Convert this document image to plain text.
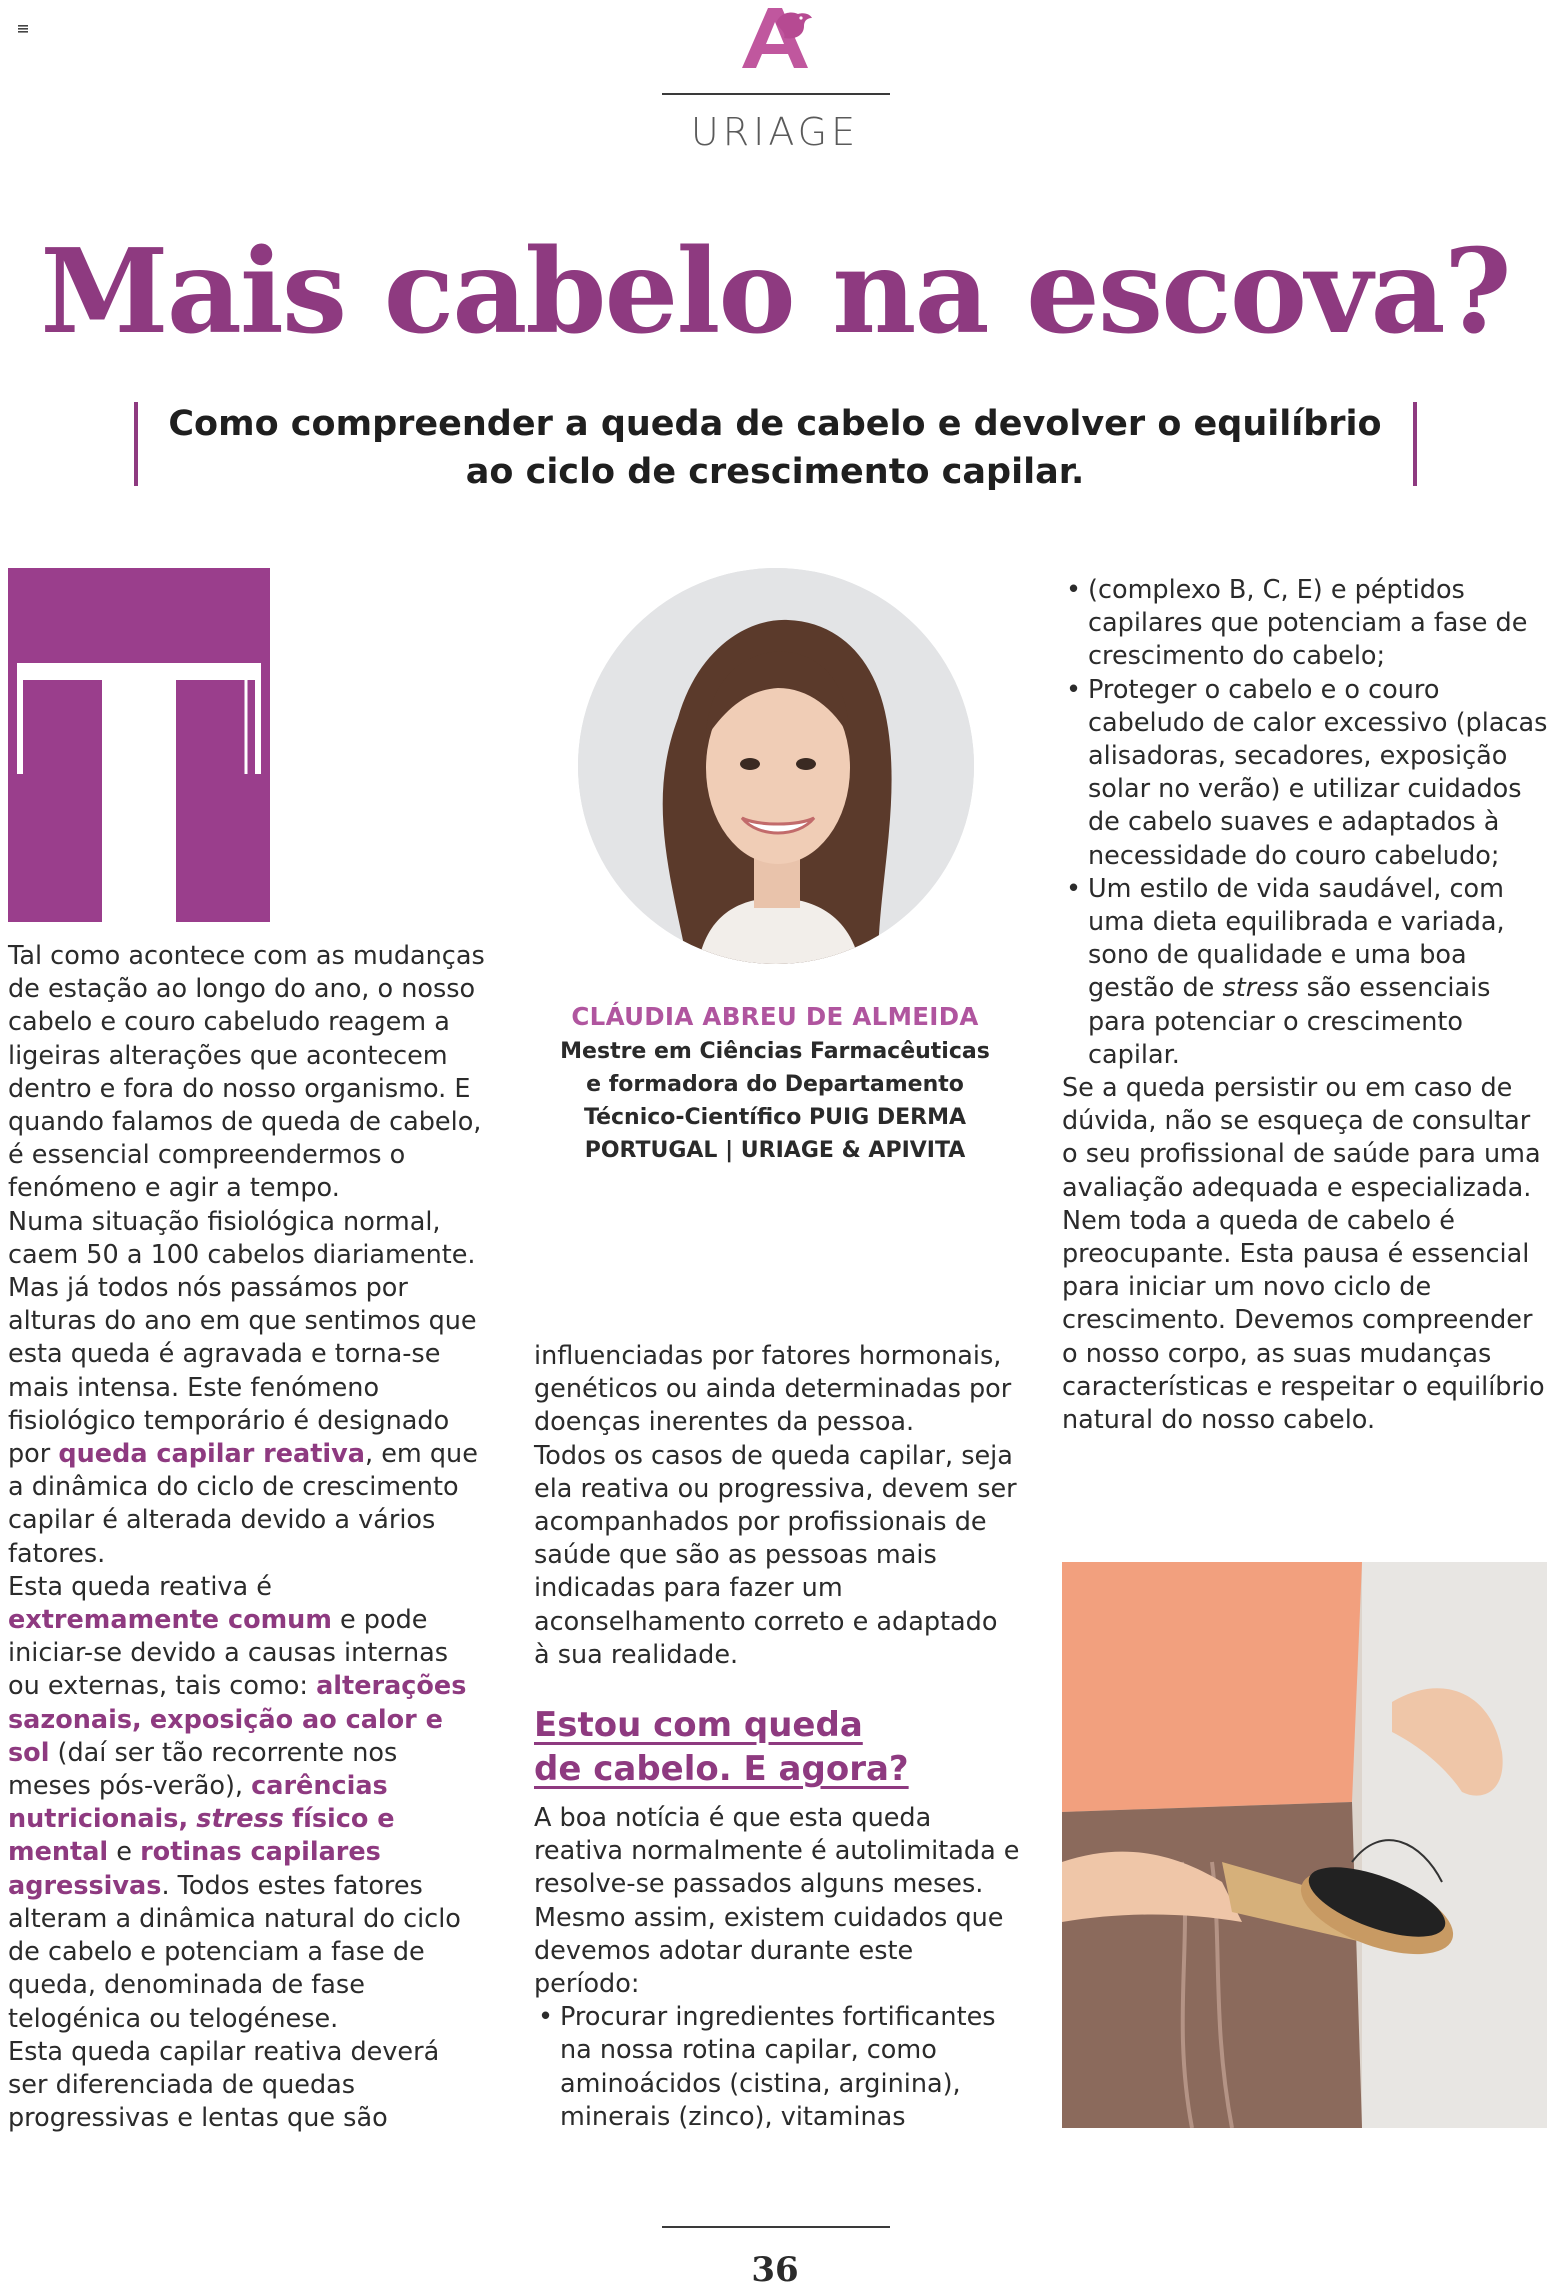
URIAGE
Mais cabelo na escova?
Como compreender a queda de cabelo e devolver o equilíbrio
ao ciclo de crescimento capilar.

Tal como acontece com as mudanças de estação ao longo do ano, o nosso cabelo e couro cabeludo reagem a ligeiras alterações que acontecem dentro e fora do nosso organismo. E quando falamos de queda de cabelo, é essencial compreendermos o fenómeno e agir a tempo.

Numa situação fisiológica normal, caem 50 a 100 cabelos diariamente. Mas já todos nós passámos por alturas do ano em que sentimos que esta queda é agravada e torna-se mais intensa. Este fenómeno fisiológico temporário é designado por queda capilar reativa, em que a dinâmica do ciclo de crescimento capilar é alterada devido a vários fatores.

Esta queda reativa é extremamente comum e pode iniciar-se devido a causas internas ou externas, tais como: alterações sazonais, exposição ao calor e sol (daí ser tão recorrente nos meses pós-verão), carências nutricionais, stress físico e mental e rotinas capilares agressivas. Todos estes fatores alteram a dinâmica natural do ciclo de cabelo e potenciam a fase de queda, denominada de fase telogénica ou telogénese.

Esta queda capilar reativa deverá ser diferenciada de quedas progressivas e lentas que são

CLÁUDIA ABREU DE ALMEIDA
Mestre em Ciências Farmacêuticas
e formadora do Departamento
Técnico-Científico PUIG DERMA
PORTUGAL | URIAGE & APIVITA

influenciadas por fatores hormonais, genéticos ou ainda determinadas por doenças inerentes da pessoa.

Todos os casos de queda capilar, seja ela reativa ou progressiva, devem ser acompanhados por profissionais de saúde que são as pessoas mais indicadas para fazer um aconselhamento correto e adaptado à sua realidade.

Estou com queda
de cabelo. E agora?

A boa notícia é que esta queda reativa normalmente é autolimitada e resolve-se passados alguns meses. Mesmo assim, existem cuidados que devemos adotar durante este período:

• Procurar ingredientes fortificantes na nossa rotina capilar, como aminoácidos (cistina, arginina), minerais (zinco), vitaminas
• (complexo B, C, E) e péptidos capilares que potenciam a fase de crescimento do cabelo;
• Proteger o cabelo e o couro cabeludo de calor excessivo (placas alisadoras, secadores, exposição solar no verão) e utilizar cuidados de cabelo suaves e adaptados à necessidade do couro cabeludo;
• Um estilo de vida saudável, com uma dieta equilibrada e variada, sono de qualidade e uma boa gestão de stress são essenciais para potenciar o crescimento capilar.

Se a queda persistir ou em caso de dúvida, não se esqueça de consultar o seu profissional de saúde para uma avaliação adequada e especializada.

Nem toda a queda de cabelo é preocupante. Esta pausa é essencial para iniciar um novo ciclo de crescimento. Devemos compreender o nosso corpo, as suas mudanças características e respeitar o equilíbrio natural do nosso cabelo.

36
